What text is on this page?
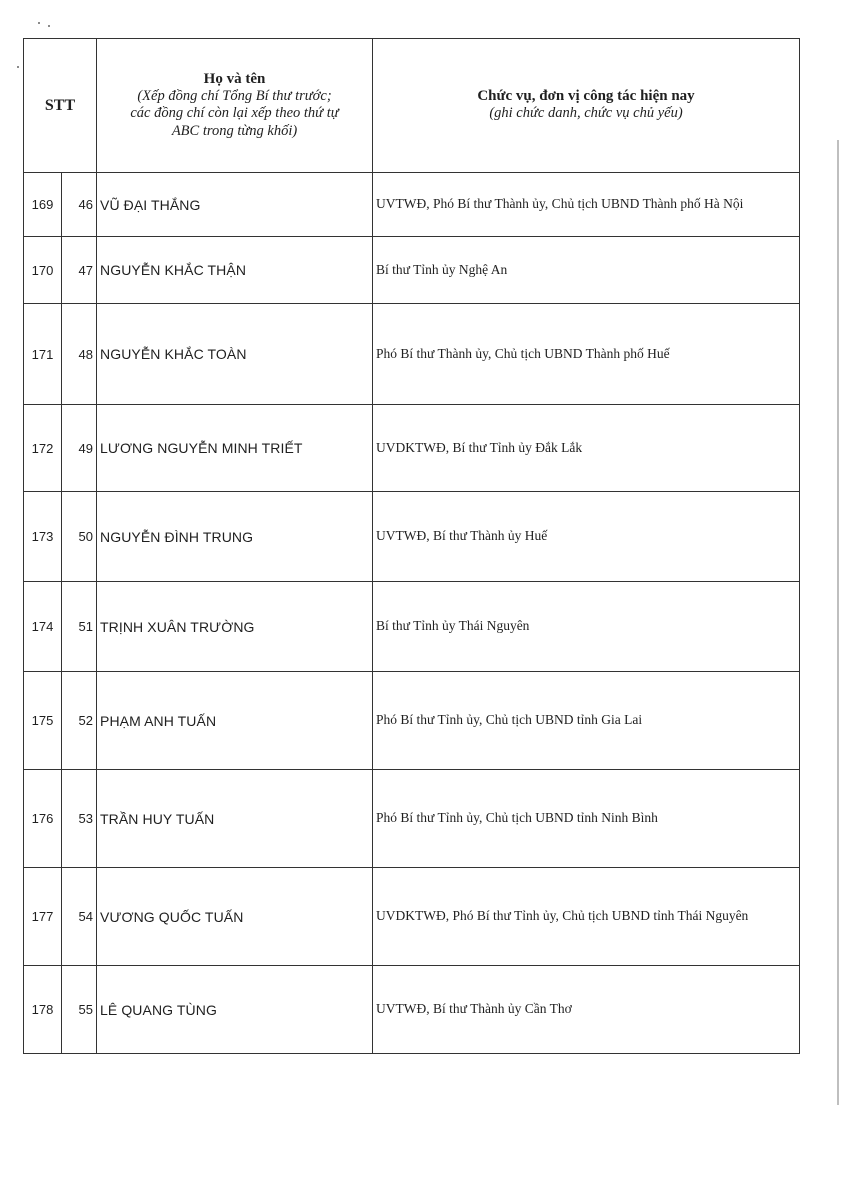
STT		Họ và tên
(Xếp đồng chí Tổng Bí thư trước;
các đồng chí còn lại xếp theo thứ tự
ABC trong từng khối)	Chức vụ, đơn vị công tác hiện nay
(ghi chức danh, chức vụ chủ yếu)

169	46	VŨ ĐẠI THẮNG	UVTWĐ, Phó Bí thư Thành ủy, Chủ tịch UBND Thành phố Hà Nội
170	47	NGUYỄN KHẮC THẬN	Bí thư Tỉnh ủy Nghệ An
171	48	NGUYỄN KHẮC TOÀN	Phó Bí thư Thành ủy, Chủ tịch UBND Thành phố Huế
172	49	LƯƠNG NGUYỄN MINH TRIẾT	UVDKTWĐ, Bí thư Tỉnh ủy Đắk Lắk
173	50	NGUYỄN ĐÌNH TRUNG	UVTWĐ, Bí thư Thành ủy Huế
174	51	TRỊNH XUÂN TRƯỜNG	Bí thư Tỉnh ủy Thái Nguyên
175	52	PHẠM ANH TUẤN	Phó Bí thư Tỉnh ủy, Chủ tịch UBND tỉnh Gia Lai
176	53	TRẦN HUY TUẤN	Phó Bí thư Tỉnh ủy, Chủ tịch UBND tỉnh Ninh Bình
177	54	VƯƠNG QUỐC TUẤN	UVDKTWĐ, Phó Bí thư Tỉnh ủy, Chủ tịch UBND tỉnh Thái Nguyên
178	55	LÊ QUANG TÙNG	UVTWĐ, Bí thư Thành ủy Cần Thơ
